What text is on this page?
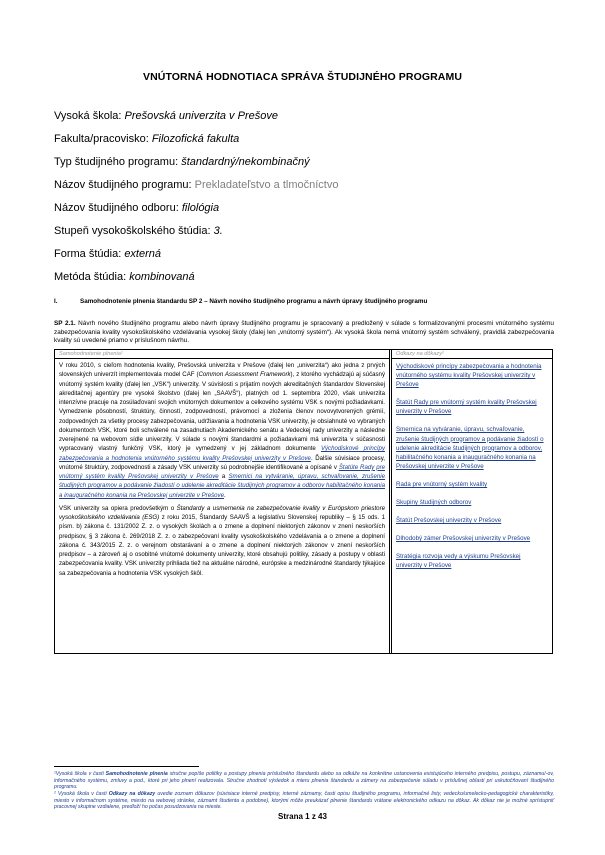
VNÚTORNÁ HODNOTIACA SPRÁVA ŠTUDIJNÉHO PROGRAMU
Vysoká škola: Prešovská univerzita v Prešove
Fakulta/pracovisko: Filozofická fakulta
Typ študijného programu: štandardný/nekombinačný
Názov študijného programu: Prekladateľstvo a tlmočníctvo
Názov študijného odboru: filológia
Stupeň vysokoškolského štúdia: 3.
Forma štúdia: externá
Metóda štúdia: kombinovaná
I.	Samohodnotenie plnenia štandardu SP 2 – Návrh nového študijného programu a návrh úpravy študijného programu
SP 2.1. Návrh nového študijného programu alebo návrh úpravy študijného programu je spracovaný a predložený v súlade s formalizovanými procesmi vnútorného systému zabezpečovania kvality vysokoškolského vzdelávania vysokej školy (ďalej len „vnútorný systém“). Ak vysoká škola nemá vnútorný systém schválený, pravidlá zabezpečovania kvality sú uvedené priamo v príslušnom návrhu.
Samohodnotenie plnenia¹	Odkazy na dôkazy²

V roku 2010, s cieľom hodnotenia kvality, Prešovská univerzita v Prešove (ďalej len „univerzita“) ako jedna z prvých slovenských univerzít implementovala model CAF (Common Assessment Framework), z ktorého vychádzajú aj súčasný vnútorný systém kvality (ďalej len „VSK“) univerzity. V súvislosti s prijatím nových akreditačných štandardov Slovenskej akreditačnej agentúry pre vysoké školstvo (ďalej len „SAAVŠ“), platných od 1. septembra 2020, však univerzita intenzívne pracuje na zosúlaďovaní svojich vnútorných dokumentov a celkového systému VSK s novými požiadavkami. Vymedzenie pôsobností, štruktúry, činností, zodpovedností, právomocí a zloženia členov novovytvorených grémií, zodpovedných za všetky procesy zabezpečovania, udržiavania a hodnotenia VSK univerzity, je obsiahnuté vo vybraných dokumentoch VSK, ktoré boli schválené na zasadnutiach Akademického senátu a Vedeckej rady univerzity a následne zverejnené na webovom sídle univerzity. V súlade s novými štandardmi a požiadavkami má univerzita v súčasnosti vypracovaný vlastný funkčný VSK, ktorý je vymedzený v jej základnom dokumente Východiskové princípy zabezpečovania a hodnotenia vnútorného systému kvality Prešovskej univerzity v Prešove. Ďalšie súvisiace procesy, vnútorné štruktúry, zodpovednosti a zásady VSK univerzity sú podrobnejšie identifikované a opísané v Štatúte Rady pre vnútorný systém kvality Prešovskej univerzity v Prešove a Smernici na vytváranie, úpravu, schvaľovanie, zrušenie študijných programov a podávanie žiadostí o udelenie akreditácie študijných programov a odborov habilitačného konania a inauguračného konania na Prešovskej univerzite v Prešove.

VSK univerzity sa opiera predovšetkým o Štandardy a usmernenia na zabezpečovanie kvality v Európskom priestore vysokoškolského vzdelávania (ESG) z roku 2015, Štandardy SAAVŠ a legislatívu Slovenskej republiky – § 15 ods. 1 písm. b) zákona č. 131/2002 Z. z. o vysokých školách a o zmene a doplnení niektorých zákonov v znení neskorších predpisov, § 3 zákona č. 269/2018 Z. z. o zabezpečovaní kvality vysokoškolského vzdelávania a o zmene a doplnení zákona č. 343/2015 Z. z. o verejnom obstarávaní a o zmene a doplnení niektorých zákonov v znení neskorších predpisov – a zároveň aj o osobitné vnútorné dokumenty univerzity, ktoré obsahujú politiky, zásady a postupy v oblasti zabezpečovania kvality. VSK univerzity prihliada tiež na aktuálne národné, európske a medzinárodné štandardy týkajúce sa zabezpečovania a hodnotenia VSK vysokých škôl.

Východiskové princípy zabezpečovania a hodnotenia vnútorného systému kvality Prešovskej univerzity v Prešove
Štatút Rady pre vnútorný systém kvality Prešovskej univerzity v Prešove
Smernica na vytváranie, úpravu, schvaľovanie, zrušenie študijných programov a podávanie žiadostí o udelenie akreditácie študijných programov a odborov, habilitačného konania a inauguračného konania na Prešovskej univerzite v Prešove
Rada pre vnútorný systém kvality
Skupiny študijných odborov
Štatút Prešovskej univerzity v Prešove
Dlhodobý zámer Prešovskej univerzity v Prešove
Stratégia rozvoja vedy a výskumu Prešovskej univerzity v Prešove
¹Vysoká škola v časti Samohodnotenie plnenia stručne popíše politiky a postupy plnenia príslušného štandardu alebo sa odkáže na konkrétne ustanovenia existujúceho interného predpisu, postupu, záznamu/-ov, informačného systému, zmluvy a pod., ktoré pri jeho plnení realizovala. Stručne zhodnotí výsledok a mieru plnenia štandardu a zámery na zabezpečenie súladu v príslušnej oblasti pri uskutočňovaní študijného programu.
² Vysoká škola v časti Odkazy na dôkazy uvedie zoznam dôkazov (súvisiace interné predpisy, interné záznamy, časti opisu študijného programu, informačné listy, vedecko/umelecko-pedagogické charakteristiky, miesto v informačnom systéme, miesto na webovej stránke, záznamt študenta a podobne), ktorými môže preukázať plnenie štandardu vrátane elektronického odkazu na dôkaz. Ak dôkaz nie je možné sprístupniť pracovnej skupine vzdialene, predloží ho počas posudzovania na mieste.
Strana 1 z 43
